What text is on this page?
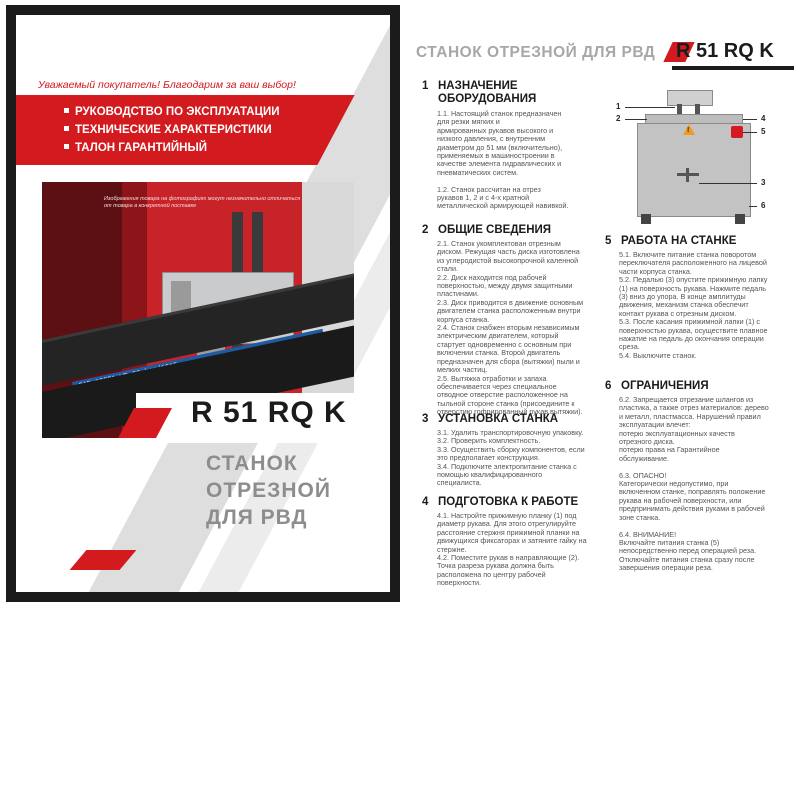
Уважаемый покупатель! Благодарим за ваш выбор!
РУКОВОДСТВО ПО ЭКСПЛУАТАЦИИ
ТЕХНИЧЕСКИЕ ХАРАКТЕРИСТИКИ
ТАЛОН ГАРАНТИЙНЫЙ
Изображения товара на фотографиях могут незначительно отличаться
от товара в конкретной поставке
R 51 RQ K
СТАНОК
ОТРЕЗНОЙ
ДЛЯ РВД
СТАНОК ОТРЕЗНОЙ ДЛЯ РВД R 51 RQ K
1 НАЗНАЧЕНИЕ
ОБОРУДОВАНИЯ
1.1. Настоящий станок предназначен
для резки мягких и
армированных рукавов высокого и
низкого давления, с внутренним
диаметром до 51 мм (включительно),
применяемых в машиностроении в
качестве элемента гидравлических и
пневматических систем.

1.2. Станок рассчитан на отрез
рукавов 1, 2 и с 4-х кратной
металлической армирующей навивкой.
2 ОБЩИЕ СВЕДЕНИЯ
2.1. Станок укомплектован отрезным
диском. Режущая часть диска изготовлена
из углеродистой высокопрочной каленной
стали.
2.2. Диск находится под рабочей
поверхностью, между двумя защитными
пластинами.
2.3. Диск приводится в движение основным
двигателем станка расположенным внутри
корпуса станка.
2.4. Станок снабжен вторым независимым
электрическим двигателем, который
стартует одновременно с основным при
включении станка. Второй двигатель
предназначен для сбора (вытяжки) пыли и
мелких частиц.
2.5. Вытяжка отработки и запаха
обеспечивается через специальное
отводное отверстие расположенное на
тыльной стороне станка (присоедините к
отверстию гофрированный рукав вытяжки).
3 УСТАНОВКА СТАНКА
3.1. Удалить транспортировочную упаковку.
3.2. Проверить комплектность.
3.3. Осуществить сборку компонентов, если
это предполагает конструкция.
3.4. Подключите электропитание станка с
помощью квалифицированного
специалиста.
4 ПОДГОТОВКА К РАБОТЕ
4.1. Настройте прижимную планку (1) под
диаметр рукава. Для этого отрегулируйте
расстояние стержня прижимной планки на
движущихся фиксаторах и затяните гайку на
стержне.
4.2. Поместите рукав в направляющие (2).
Точка разреза рукава должна быть
расположена по центру рабочей
поверхности.
5 РАБОТА НА СТАНКЕ
5.1. Включите питание станка поворотом
переключателя расположенного на лицевой
части корпуса станка.
5.2. Педалью (3) опустите прижимную лапку
(1) на поверхность рукава. Нажмите педаль
(3) вниз до упора. В конце амплитуды
движения, механизм станка обеспечит
контакт рукава с отрезным диском.
5.3. После касания прижимной лапки (1) с
поверхностью рукава, осуществите плавное
нажатие на педаль до окончания операции
среза.
5.4. Выключите станок.
6 ОГРАНИЧЕНИЯ
6.2. Запрещается отрезание шлангов из
пластика, а также отрез материалов: дерево
и металл, пластмасса. Нарушений правил
эксплуатации влечет:
потерю эксплуатационных качеств
отрезного диска.
потерю права на Гарантийное
обслуживание.

6.3. ОПАСНО!
Категорически недопустимо, при
включенном станке, поправлять положение
рукава на рабочей поверхности, или
предпринимать действия руками в рабочей
зоне станка.

6.4. ВНИМАНИЕ!
Включайте питания станка (5)
непосредственно перед операцией реза.
Отключайте питания станка сразу после
завершения операции реза.
!
1
2	4
5
3
6
